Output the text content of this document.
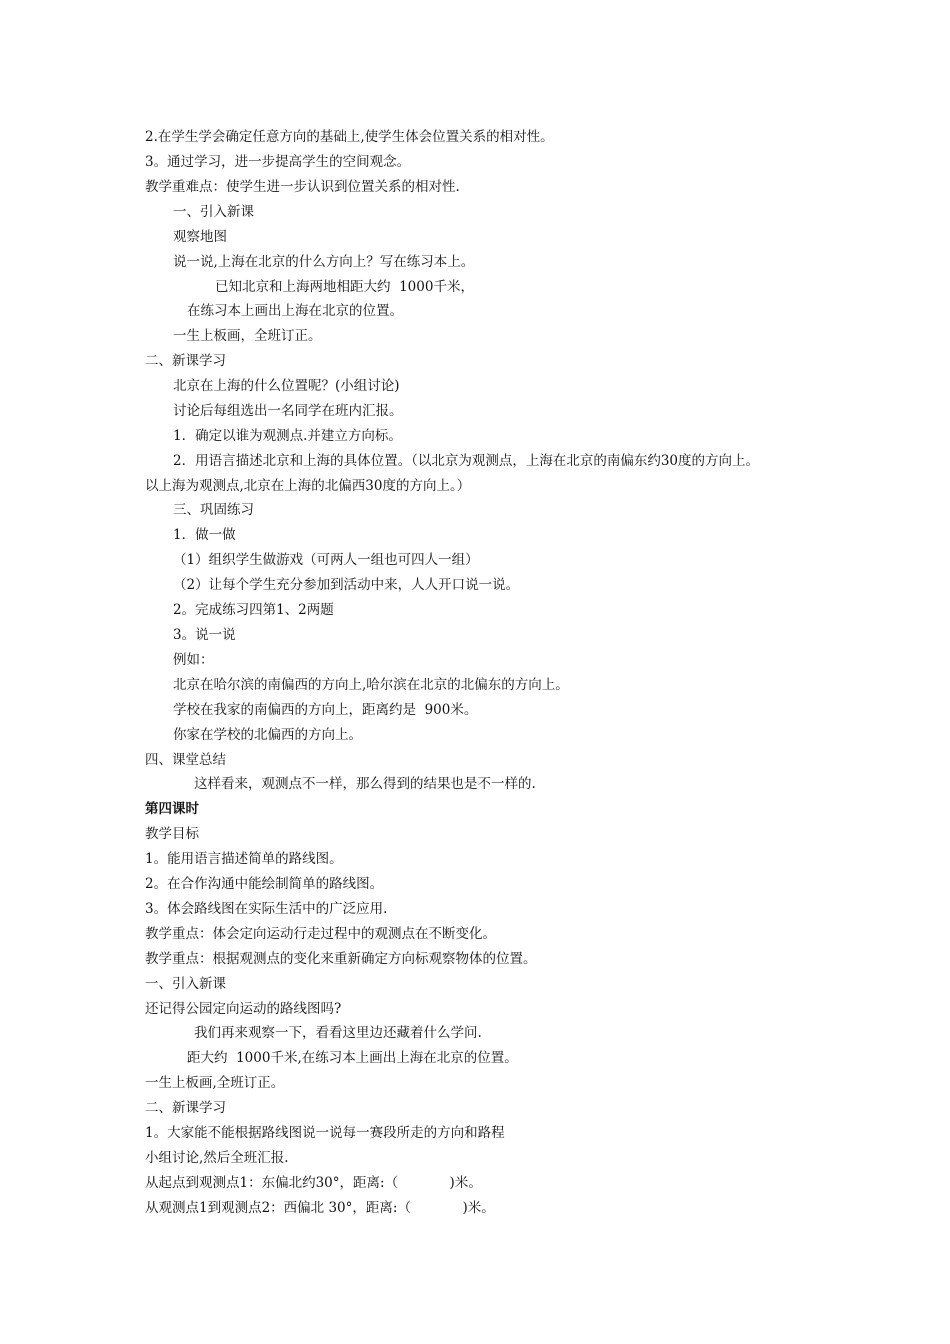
2.在学生学会确定任意方向的基础上,使学生体会位置关系的相对性。
3。通过学习，进一步提高学生的空间观念。
教学重难点：使学生进一步认识到位置关系的相对性.
一、引入新课
观察地图
说一说,上海在北京的什么方向上？写在练习本上。
已知北京和上海两地相距大约  1000千米，
在练习本上画出上海在北京的位置。
一生上板画，全班订正。
二、新课学习
北京在上海的什么位置呢？(小组讨论)
讨论后每组选出一名同学在班内汇报。
1．确定以谁为观测点.并建立方向标。
2．用语言描述北京和上海的具体位置。（以北京为观测点，上海在北京的南偏东约30度的方向上。
以上海为观测点,北京在上海的北偏西30度的方向上。）
三、巩固练习
1．做一做
（1）组织学生做游戏（可两人一组也可四人一组）
（2）让每个学生充分参加到活动中来，人人开口说一说。
2。完成练习四第1、2两题
3。说一说
例如：
北京在哈尔滨的南偏西的方向上,哈尔滨在北京的北偏东的方向上。
学校在我家的南偏西的方向上，距离约是  900米。
你家在学校的北偏西的方向上。
四、课堂总结
这样看来，观测点不一样，那么得到的结果也是不一样的.
第四课时
教学目标
1。能用语言描述简单的路线图。
2。在合作沟通中能绘制简单的路线图。
3。体会路线图在实际生活中的广泛应用.
教学重点：体会定向运动行走过程中的观测点在不断变化。
教学重点：根据观测点的变化来重新确定方向标观察物体的位置。
一、引入新课
还记得公园定向运动的路线图吗?
我们再来观察一下，看看这里边还藏着什么学问.
距大约  1000千米,在练习本上画出上海在北京的位置。
一生上板画,全班订正。
二、新课学习
1。大家能不能根据路线图说一说每一赛段所走的方向和路程
小组讨论,然后全班汇报.
从起点到观测点1：东偏北约30°，距离:（            )米。
从观测点1到观测点2：西偏北 30°，距离:（            )米。
